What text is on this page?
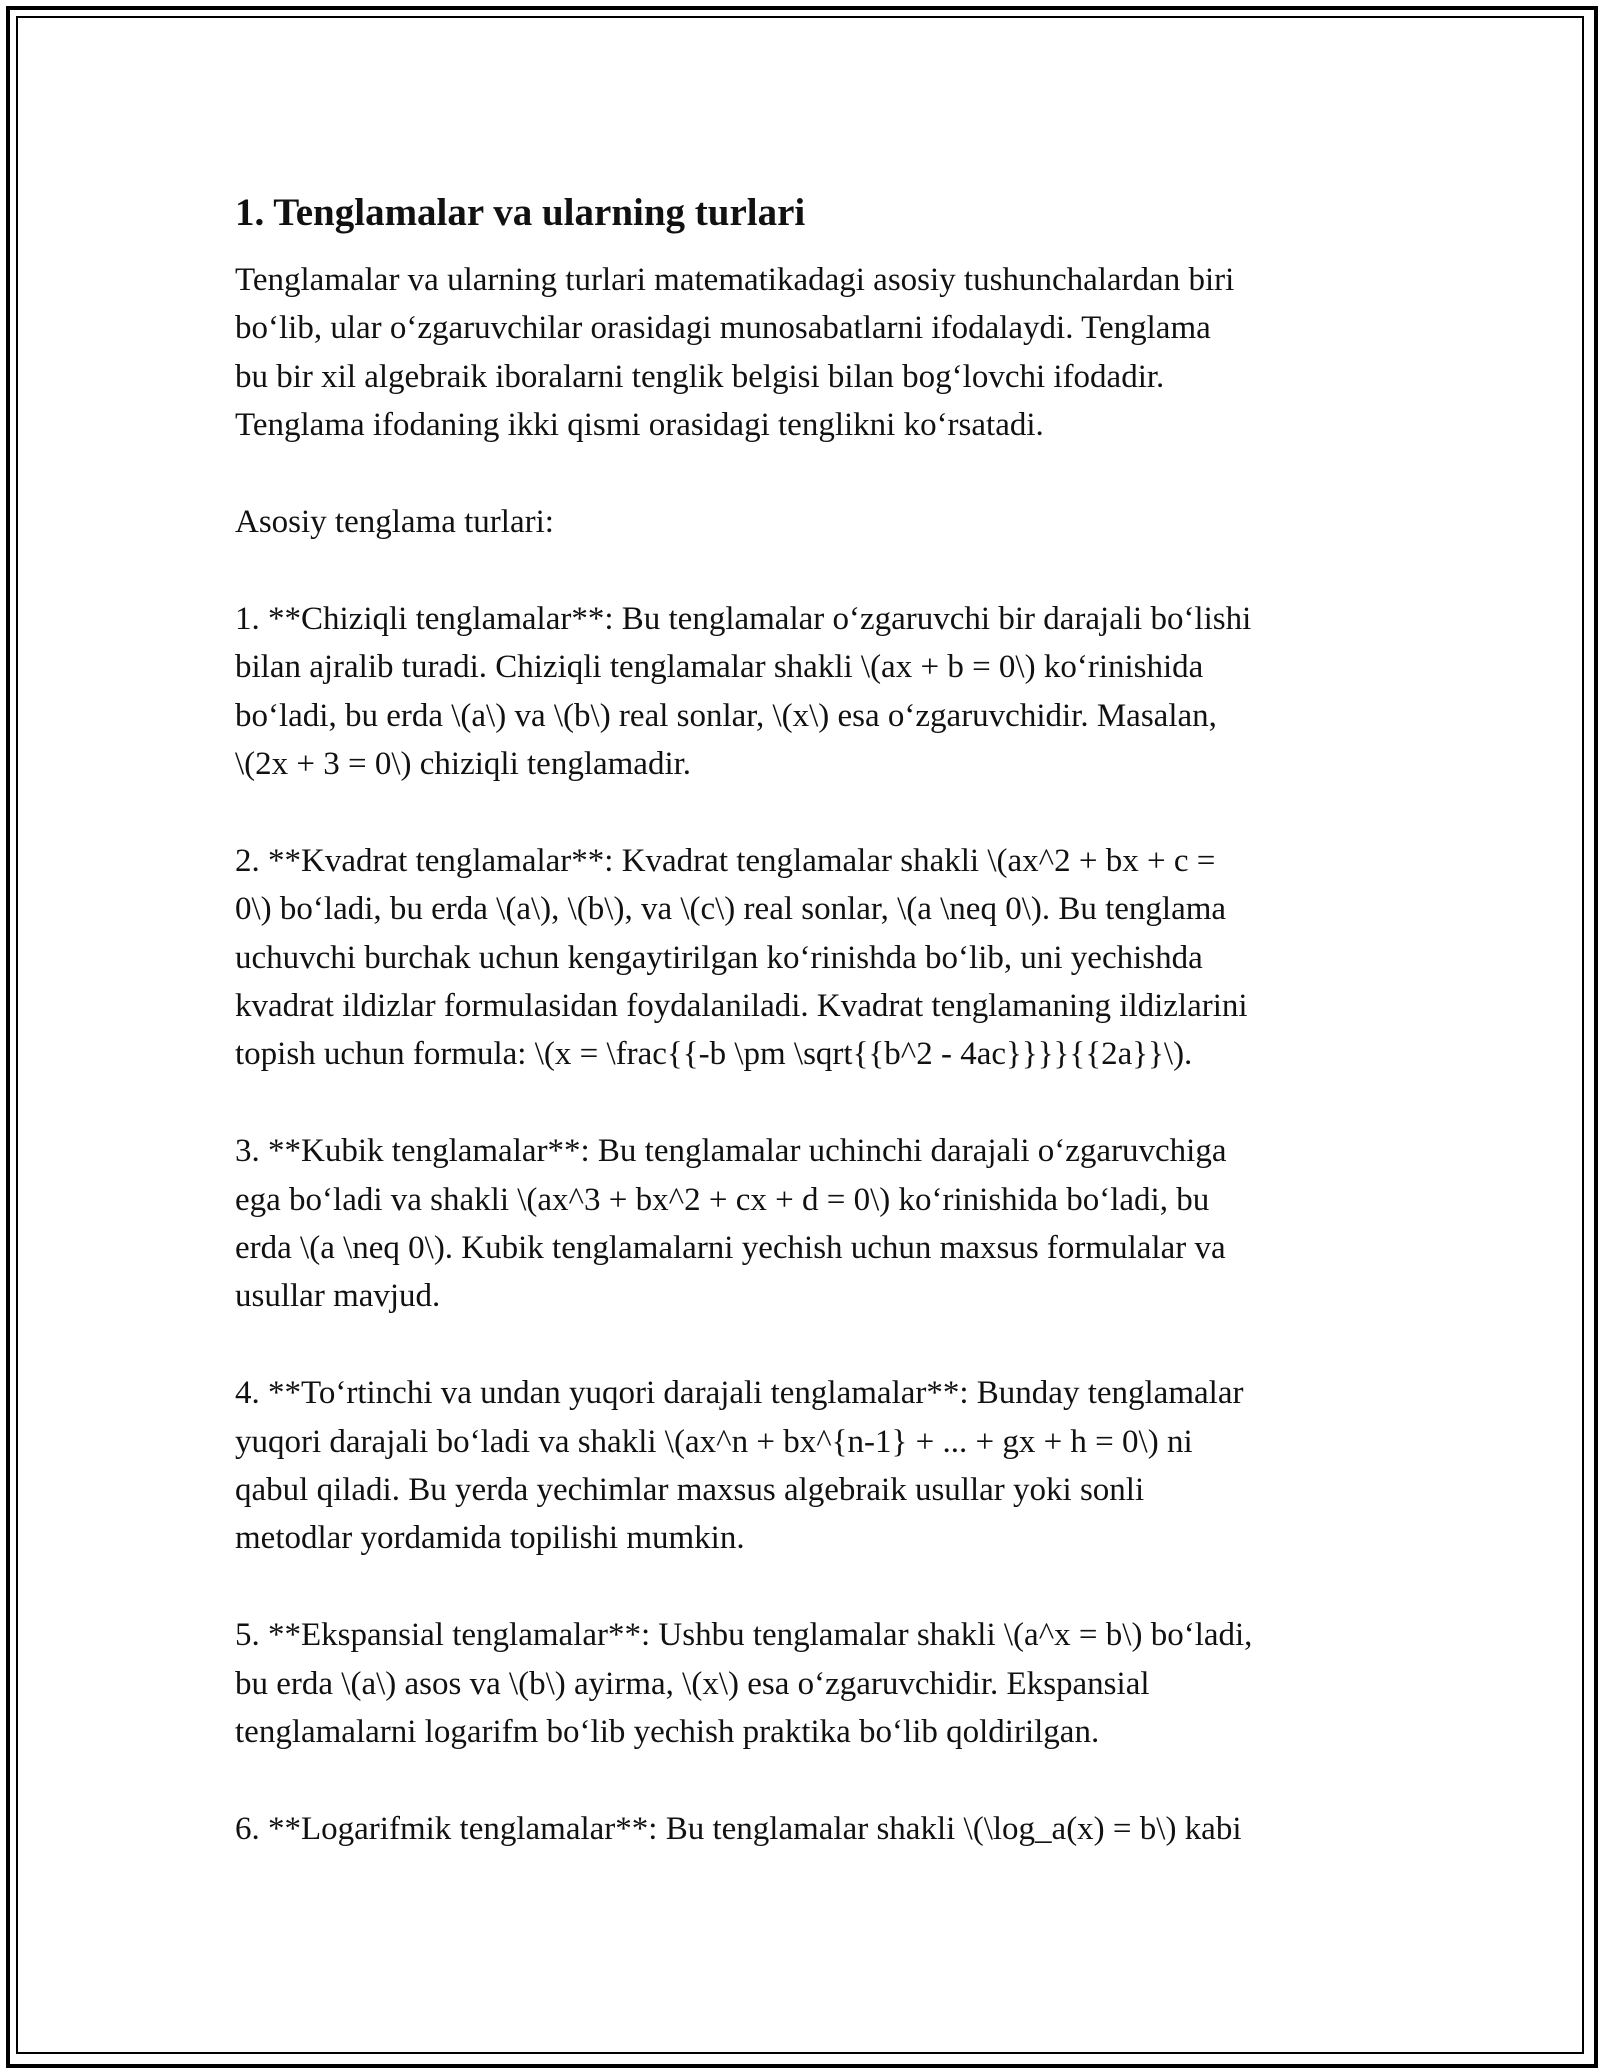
1. Tenglamalar va ularning turlari
Tenglamalar va ularning turlari matematikadagi asosiy tushunchalardan biri
bo‘lib, ular o‘zgaruvchilar orasidagi munosabatlarni ifodalaydi. Tenglama
bu bir xil algebraik iboralarni tenglik belgisi bilan bog‘lovchi ifodadir.
Tenglama ifodaning ikki qismi orasidagi tenglikni ko‘rsatadi.
Asosiy tenglama turlari:
1. **Chiziqli tenglamalar**: Bu tenglamalar o‘zgaruvchi bir darajali bo‘lishi
bilan ajralib turadi. Chiziqli tenglamalar shakli \(ax + b = 0\) ko‘rinishida
bo‘ladi, bu erda \(a\) va \(b\) real sonlar, \(x\) esa o‘zgaruvchidir. Masalan,
\(2x + 3 = 0\) chiziqli tenglamadir.
2. **Kvadrat tenglamalar**: Kvadrat tenglamalar shakli \(ax^2 + bx + c =
0\) bo‘ladi, bu erda \(a\), \(b\), va \(c\) real sonlar, \(a \neq 0\). Bu tenglama
uchuvchi burchak uchun kengaytirilgan ko‘rinishda bo‘lib, uni yechishda
kvadrat ildizlar formulasidan foydalaniladi. Kvadrat tenglamaning ildizlarini
topish uchun formula: \(x = \frac{{-b \pm \sqrt{{b^2 - 4ac}}}}{{2a}}\).
3. **Kubik tenglamalar**: Bu tenglamalar uchinchi darajali o‘zgaruvchiga
ega bo‘ladi va shakli \(ax^3 + bx^2 + cx + d = 0\) ko‘rinishida bo‘ladi, bu
erda \(a \neq 0\). Kubik tenglamalarni yechish uchun maxsus formulalar va
usullar mavjud.
4. **To‘rtinchi va undan yuqori darajali tenglamalar**: Bunday tenglamalar
yuqori darajali bo‘ladi va shakli \(ax^n + bx^{n-1} + ... + gx + h = 0\) ni
qabul qiladi. Bu yerda yechimlar maxsus algebraik usullar yoki sonli
metodlar yordamida topilishi mumkin.
5. **Ekspansial tenglamalar**: Ushbu tenglamalar shakli \(a^x = b\) bo‘ladi,
bu erda \(a\) asos va \(b\) ayirma, \(x\) esa o‘zgaruvchidir. Ekspansial
tenglamalarni logarifm bo‘lib yechish praktika bo‘lib qoldirilgan.
6. **Logarifmik tenglamalar**: Bu tenglamalar shakli \(\log_a(x) = b\) kabi
